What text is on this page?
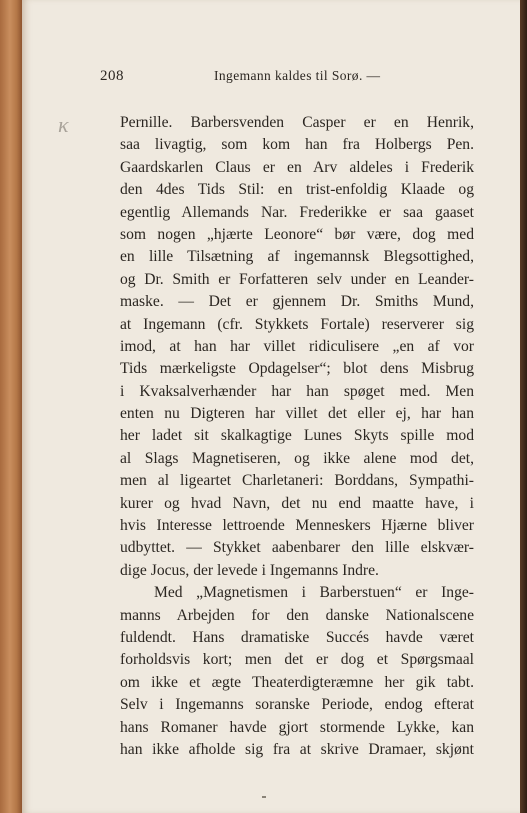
208	Ingemann kaldes til Sorø. —
κ	Pernille. Barbersvenden Casper er en Henrik,
saa livagtig, som kom han fra Holbergs Pen.
Gaardskarlen Claus er en Arv aldeles i Frederik
den 4des Tids Stil: en trist-enfoldig Klaade og
egentlig Allemands Nar. Frederikke er saa gaaset
som nogen „hjærte Leonore“ bør være, dog med
en lille Tilsætning af ingemannsk Blegsottighed,
og Dr. Smith er Forfatteren selv under en Leander-
maske. — Det er gjennem Dr. Smiths Mund,
at Ingemann (cfr. Stykkets Fortale) reserverer sig
imod, at han har villet ridiculisere „en af vor
Tids mærkeligste Opdagelser“; blot dens Misbrug
i Kvaksalverhænder har han spøget med. Men
enten nu Digteren har villet det eller ej, har han
her ladet sit skalkagtige Lunes Skyts spille mod
al Slags Magnetiseren, og ikke alene mod det,
men al ligeartet Charletaneri: Borddans, Sympathi-
kurer og hvad Navn, det nu end maatte have, i
hvis Interesse lettroende Menneskers Hjærne bliver
udbyttet. — Stykket aabenbarer den lille elskvær-
dige Jocus, der levede i Ingemanns Indre.
Med „Magnetismen i Barberstuen“ er Inge-
manns Arbejden for den danske Nationalscene
fuldendt. Hans dramatiske Succés havde været
forholdsvis kort; men det er dog et Spørgsmaal
om ikke et ægte Theaterdigteræmne her gik tabt.
Selv i Ingemanns soranske Periode, endog efterat
hans Romaner havde gjort stormende Lykke, kan
han ikke afholde sig fra at skrive Dramaer, skjønt
